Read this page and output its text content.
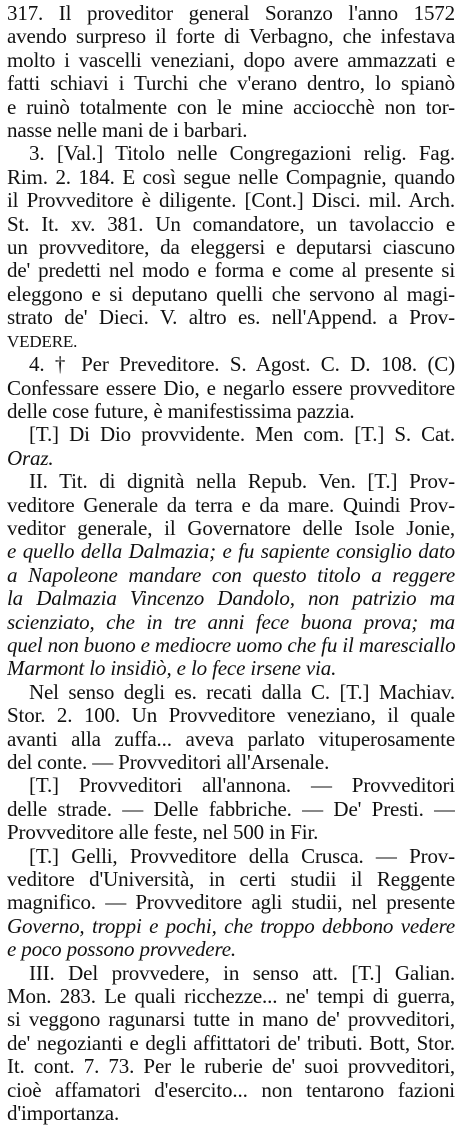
317. Il proveditor general Soranzo l'anno 1572
avendo surpreso il forte di Verbagno, che infestava
molto i vascelli veneziani, dopo avere ammazzati e
fatti schiavi i Turchi che v'erano dentro, lo spianò
e ruinò totalmente con le mine acciocchè non tor-
nasse nelle mani de i barbari.
3. [Val.] Titolo nelle Congregazioni relig. Fag.
Rim. 2. 184. E così segue nelle Compagnie, quando
il Provveditore è diligente. [Cont.] Disci. mil. Arch.
St. It. xv. 381. Un comandatore, un tavolaccio e
un provveditore, da eleggersi e deputarsi ciascuno
de' predetti nel modo e forma e come al presente si
eleggono e si deputano quelli che servono al magi-
strato de' Dieci. V. altro es. nell'Append. a Prov-
VEDERE.
4. † Per Preveditore. S. Agost. C. D. 108. (C)
Confessare essere Dio, e negarlo essere provveditore
delle cose future, è manifestissima pazzia.
[T.] Di Dio provvidente. Men com. [T.] S. Cat.
Oraz.
II. Tit. di dignità nella Repub. Ven. [T.] Prov-
veditore Generale da terra e da mare. Quindi Prov-
veditor generale, il Governatore delle Isole Jonie,
e quello della Dalmazia; e fu sapiente consiglio dato
a Napoleone mandare con questo titolo a reggere
la Dalmazia Vincenzo Dandolo, non patrizio ma
scienziato, che in tre anni fece buona prova; ma
quel non buono e mediocre uomo che fu il maresciallo
Marmont lo insidiò, e lo fece irsene via.
Nel senso degli es. recati dalla C. [T.] Machiav.
Stor. 2. 100. Un Provveditore veneziano, il quale
avanti alla zuffa... aveva parlato vituperosamente
del conte. — Provveditori all'Arsenale.
[T.] Provveditori all'annona. — Provveditori
delle strade. — Delle fabbriche. — De' Presti. —
Provveditore alle feste, nel 500 in Fir.
[T.] Gelli, Provveditore della Crusca. — Prov-
veditore d'Università, in certi studii il Reggente
magnifico. — Provveditore agli studii, nel presente
Governo, troppi e pochi, che troppo debbono vedere
e poco possono provvedere.
III. Del provvedere, in senso att. [T.] Galian.
Mon. 283. Le quali ricchezze... ne' tempi di guerra,
si veggono ragunarsi tutte in mano de' provveditori,
de' negozianti e degli affittatori de' tributi. Bott, Stor.
It. cont. 7. 73. Per le ruberie de' suoi provveditori,
cioè affamatori d'esercito... non tentarono fazioni
d'importanza.
